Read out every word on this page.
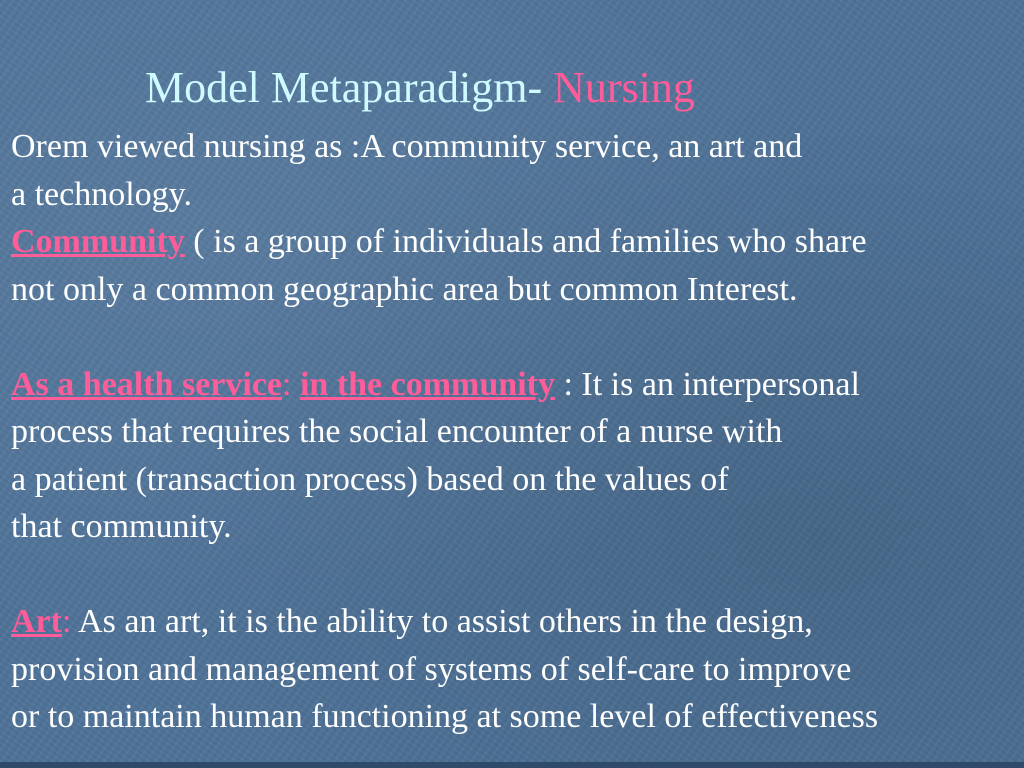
Model Metaparadigm- Nursing

Orem viewed nursing as :A community service, an art and

a technology.

Community ( is a group of individuals and families who share

not only a common geographic area but common Interest.

As a health service: in the community : It is an interpersonal

process that requires the social encounter of a nurse with

a patient (transaction process) based on the values of

that community.

Art: As an art, it is the ability to assist others in the design,

provision and management of systems of self-care to improve

or to maintain human functioning at some level of effectiveness
